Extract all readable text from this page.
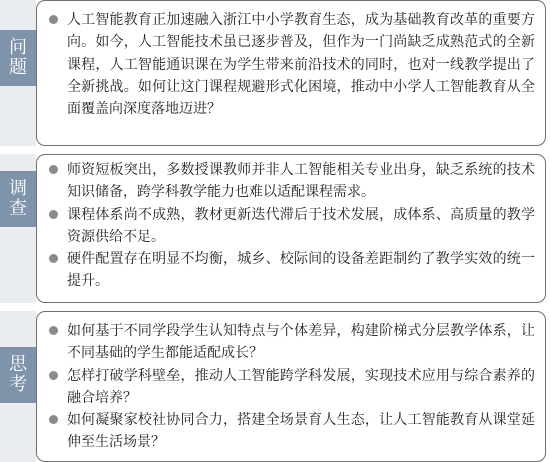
问题
人工智能教育正加速融入浙江中小学教育生态，成为基础教育改革的重要方向。如今，人工智能技术虽已逐步普及，但作为一门尚缺乏成熟范式的全新课程，人工智能通识课在为学生带来前沿技术的同时，也对一线教学提出了全新挑战。如何让这门课程规避形式化困境，推动中小学人工智能教育从全面覆盖向深度落地迈进？
调查
师资短板突出，多数授课教师并非人工智能相关专业出身，缺乏系统的技术知识储备，跨学科教学能力也难以适配课程需求。
课程体系尚不成熟，教材更新迭代滞后于技术发展，成体系、高质量的教学资源供给不足。
硬件配置存在明显不均衡，城乡、校际间的设备差距制约了教学实效的统一提升。
思考
如何基于不同学段学生认知特点与个体差异，构建阶梯式分层教学体系，让不同基础的学生都能适配成长？
怎样打破学科壁垒，推动人工智能跨学科发展，实现技术应用与综合素养的融合培养？
如何凝聚家校社协同合力，搭建全场景育人生态，让人工智能教育从课堂延伸至生活场景？
